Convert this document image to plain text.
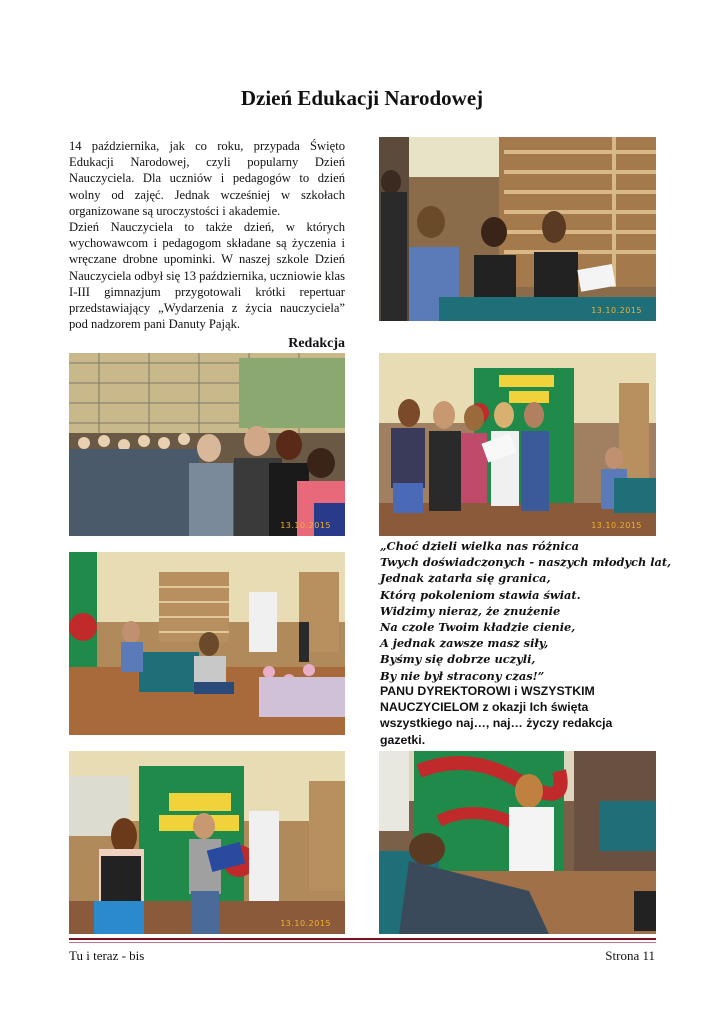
Dzień Edukacji Narodowej

14 października, jak co roku, przypada Święto Edukacji Narodowej, czyli popularny Dzień Nauczyciela. Dla uczniów i pedagogów to dzień wolny od zajęć. Jednak wcześniej w szkołach organizowane są uroczystości i akademie.

Dzień Nauczyciela to także dzień, w których wychowawcom i pedagogom składane są życzenia i wręczane drobne upominki. W naszej szkole Dzień Nauczyciela odbył się 13 października, uczniowie klas I-III gimnazjum przygotowali krótki repertuar przedstawiający „Wydarzenia z życia nauczyciela” pod nadzorem pani Danuty Pająk.

Redakcja
13.10.2015
13.10.2015	13.10.2015
„Choć dzieli wielka nas różnica
Twych doświadczonych - naszych młodych lat,
Jednak zatarła się granica,
Którą pokoleniom stawia świat.
Widzimy nieraz, że znużenie
Na czole Twoim kładzie cienie,
A jednak zawsze masz siły,
Byśmy się dobrze uczyli,
By nie był stracony czas!”
PANU DYREKTOROWI i WSZYSTKIM NAUCZYCIELOM z okazji Ich święta wszystkiego naj…, naj… życzy redakcja gazetki.
13.10.2015
Tu i teraz - bis	Strona 11
